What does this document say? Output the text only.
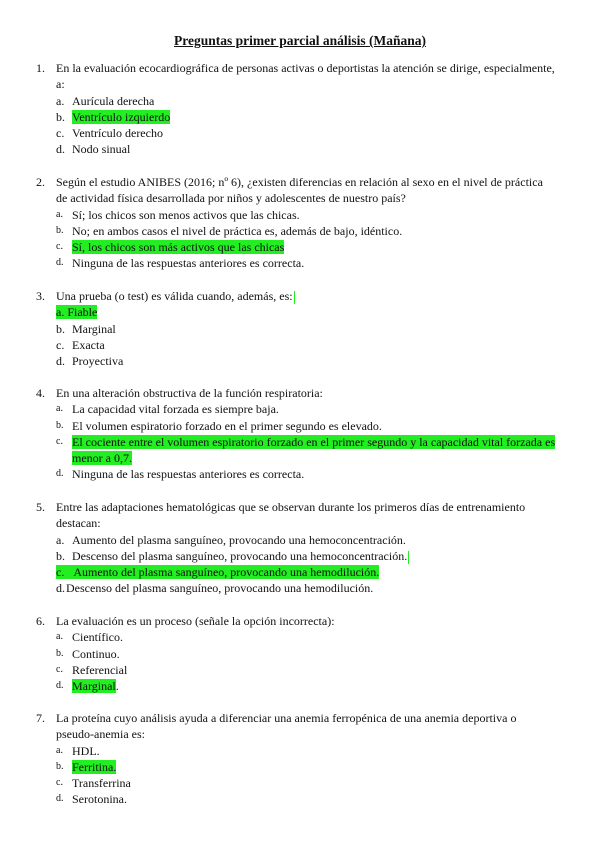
Preguntas primer parcial análisis (Mañana)
1. En la evaluación ecocardiográfica de personas activas o deportistas la atención se dirige, especialmente, a:
a. Aurícula derecha
b. Ventrículo izquierdo
c. Ventrículo derecho
d. Nodo sinual
2. Según el estudio ANIBES (2016; nº 6), ¿existen diferencias en relación al sexo en el nivel de práctica de actividad física desarrollada por niños y adolescentes de nuestro país?
a. Sí; los chicos son menos activos que las chicas.
b. No; en ambos casos el nivel de práctica es, además de bajo, idéntico.
c. Sí, los chicos son más activos que las chicas
d. Ninguna de las respuestas anteriores es correcta.
3. Una prueba (o test) es válida cuando, además, es:
a. Fiable
b. Marginal
c. Exacta
d. Proyectiva
4. En una alteración obstructiva de la función respiratoria:
a. La capacidad vital forzada es siempre baja.
b. El volumen espiratorio forzado en el primer segundo es elevado.
c. El cociente entre el volumen espiratorio forzado en el primer segundo y la capacidad vital forzada es menor a 0,7.
d. Ninguna de las respuestas anteriores es correcta.
5. Entre las adaptaciones hematológicas que se observan durante los primeros días de entrenamiento destacan:
a. Aumento del plasma sanguíneo, provocando una hemoconcentración.
b. Descenso del plasma sanguíneo, provocando una hemoconcentración.
c. Aumento del plasma sanguíneo, provocando una hemodilución.
d. Descenso del plasma sanguíneo, provocando una hemodilución.
6. La evaluación es un proceso (señale la opción incorrecta):
a. Científico.
b. Continuo.
c. Referencial
d. Marginal.
7. La proteína cuyo análisis ayuda a diferenciar una anemia ferropénica de una anemia deportiva o pseudo-anemia es:
a. HDL.
b. Ferritina.
c. Transferrina
d. Serotonina.
